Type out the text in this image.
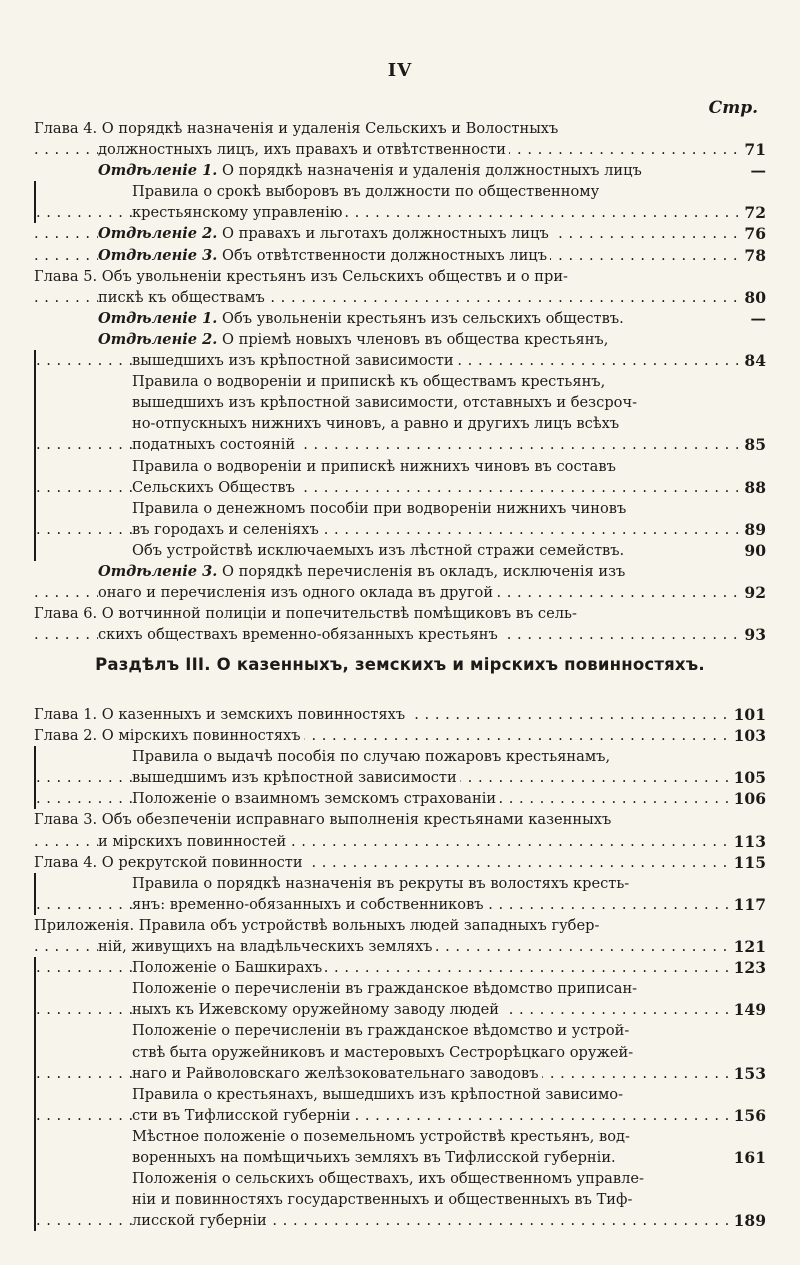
IV
Стр.
Глава 4. О порядкѣ назначенія и удаленія Сельскихъ и Волостныхъ
должностныхъ лицъ, ихъ правахъ и отвѣтственности	71
. . .
Отдѣленіе 1. О порядкѣ назначенія и удаленія должностныхъ лицъ	—
Правила о срокѣ выборовъ въ должности по общественному
крестьянскому управленію	72
. . .
Отдѣленіе 2. О правахъ и льготахъ должностныхъ лицъ	76
. . .
Отдѣленіе 3. Объ отвѣтственности должностныхъ лицъ	78
. . .
Глава 5. Объ увольненіи крестьянъ изъ Сельскихъ обществъ и о при-
пискѣ къ обществамъ	80
. . .
Отдѣленіе 1. Объ увольненіи крестьянъ изъ сельскихъ обществъ.	—
Отдѣленіе 2. О пріемѣ новыхъ членовъ въ общества крестьянъ,
вышедшихъ изъ крѣпостной зависимости	84
. . .
Правила о водвореніи и припискѣ къ обществамъ крестьянъ,
вышедшихъ изъ крѣпостной зависимости, отставныхъ и безсроч-
но-отпускныхъ нижнихъ чиновъ, а равно и другихъ лицъ всѣхъ
податныхъ состояній	85
. . .
Правила о водвореніи и припискѣ нижнихъ чиновъ въ составъ
Сельскихъ Обществъ	88
. . .
Правила о денежномъ пособіи при водвореніи нижнихъ чиновъ
въ городахъ и селеніяхъ	89
. . .
Объ устройствѣ исключаемыхъ изъ лѣстной стражи семействъ.	90
Отдѣленіе 3. О порядкѣ перечисленія въ окладъ, исключенія изъ
онаго и перечисленія изъ одного оклада въ другой	92
. . .
Глава 6. О вотчинной полиціи и попечительствѣ помѣщиковъ въ сель-
скихъ обществахъ временно-обязанныхъ крестьянъ	93
. . .
Раздѣлъ III. О казенныхъ, земскихъ и мірскихъ повинностяхъ.
Глава 1. О казенныхъ и земскихъ повинностяхъ	101
. . .
Глава 2. О мірскихъ повинностяхъ	103
. . .
Правила о выдачѣ пособія по случаю пожаровъ крестьянамъ,
вышедшимъ изъ крѣпостной зависимости	105
. . .
Положеніе о взаимномъ земскомъ страхованіи	106
. . .
Глава 3. Объ обезпеченіи исправнаго выполненія крестьянами казенныхъ
и мірскихъ повинностей	113
. . .
Глава 4. О рекрутской повинности	115
. . .
Правила о порядкѣ назначенія въ рекруты въ волостяхъ кресть-
янъ: временно-обязанныхъ и собственниковъ	117
. . .
Приложенія. Правила объ устройствѣ вольныхъ людей западныхъ губер-
ній, живущихъ на владѣльческихъ земляхъ	121
. . .
Положеніе о Башкирахъ	123
. . .
Положеніе о перечисленіи въ гражданское вѣдомство приписан-
ныхъ къ Ижевскому оружейному заводу людей	149
. . .
Положеніе о перечисленіи въ гражданское вѣдомство и устрой-
ствѣ быта оружейниковъ и мастеровыхъ Сестрорѣцкаго оружей-
наго и Райволовскаго желѣзоковательнаго заводовъ	153
. . .
Правила о крестьянахъ, вышедшихъ изъ крѣпостной зависимо-
сти въ Тифлисской губерніи	156
. . .
Мѣстное положеніе о поземельномъ устройствѣ крестьянъ, вод-
воренныхъ на помѣщичьихъ земляхъ въ Тифлисской губерніи.	161
Положенія о сельскихъ обществахъ, ихъ общественномъ управле-
ніи и повинностяхъ государственныхъ и общественныхъ въ Тиф-
лисской губерніи	189
. . .
